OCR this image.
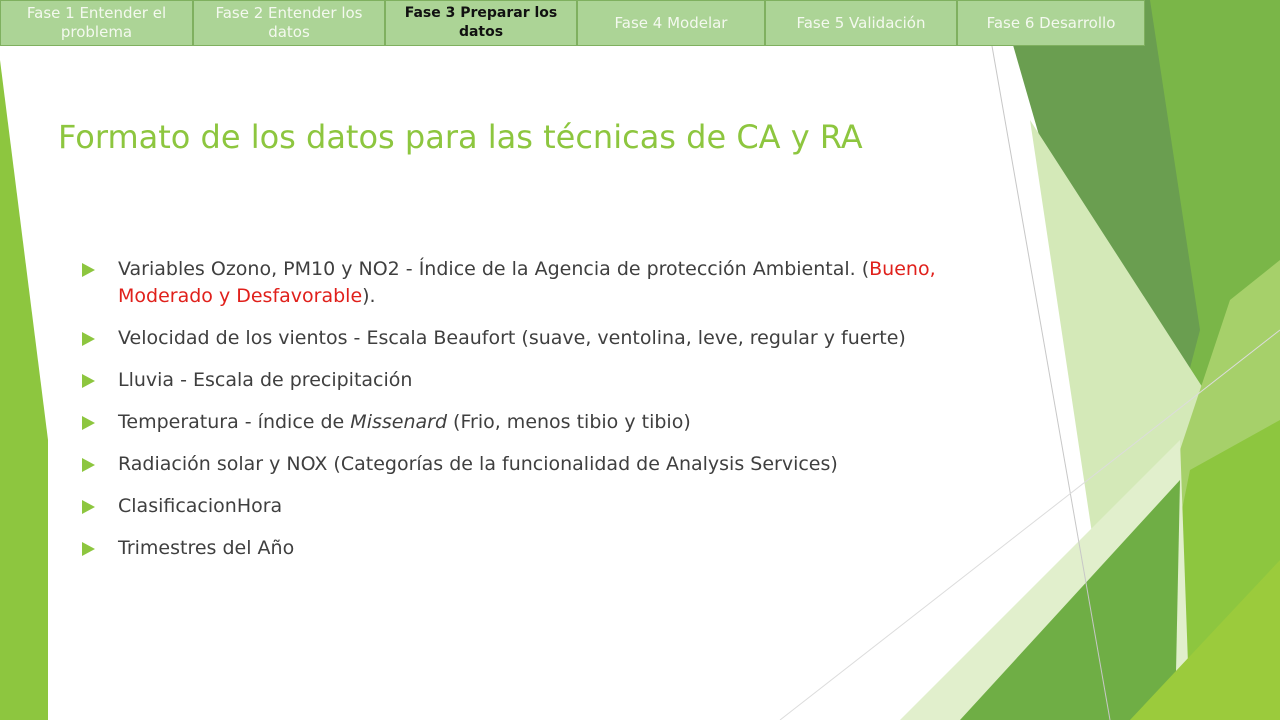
Fase 1 Entender el problema
Fase 2 Entender los datos
Fase 3 Preparar los datos
Fase 4 Modelar	Fase 5 Validación	Fase 6 Desarrollo
Formato de los datos para las técnicas de CA y RA
Variables Ozono, PM10 y NO2 - Índice de la Agencia de protección Ambiental. (Bueno, Moderado y Desfavorable).
Velocidad de los vientos - Escala Beaufort (suave, ventolina, leve, regular y fuerte)
Lluvia - Escala de precipitación
Temperatura - índice de Missenard (Frio, menos tibio y tibio)
Radiación solar y NOX (Categorías de la funcionalidad de Analysis Services)
ClasificacionHora
Trimestres del Año
